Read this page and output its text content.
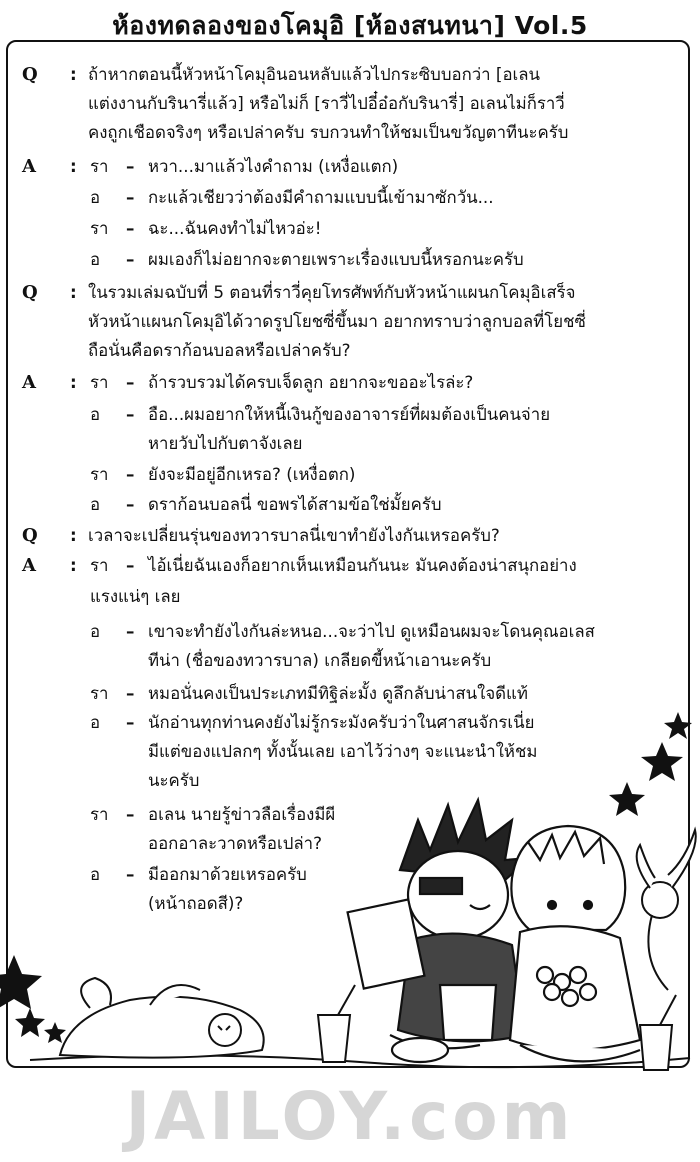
ห้องทดลองของโคมุอิ [ห้องสนทนา] Vol.5
Q : ถ้าหากตอนนี้หัวหน้าโคมุอินอนหลับแล้วไปกระซิบบอกว่า [อเลน
แต่งงานกับรินารี่แล้ว] หรือไม่ก็ [ราวี่ไปอี๋อ๋อกับรินารี่] อเลนไม่ก็ราวี่
คงถูกเชือดจริงๆ หรือเปล่าครับ รบกวนทำให้ชมเป็นขวัญตาทีนะครับ
A	: รา	– หวา...มาแล้วไงคำถาม (เหงื่อแตก)
อ	– กะแล้วเชียวว่าต้องมีคำถามแบบนี้เข้ามาซักวัน...
รา	– ฉะ...ฉันคงทำไม่ไหวอ่ะ!
อ	– ผมเองก็ไม่อยากจะตายเพราะเรื่องแบบนี้หรอกนะครับ
Q : ในรวมเล่มฉบับที่ 5 ตอนที่ราวี่คุยโทรศัพท์กับหัวหน้าแผนกโคมุอิเสร็จ
หัวหน้าแผนกโคมุอิได้วาดรูปโยชซี่ขึ้นมา อยากทราบว่าลูกบอลที่โยชซี่
ถือนั่นคือดราก้อนบอลหรือเปล่าครับ?
A	: รา	– ถ้ารวบรวมได้ครบเจ็ดลูก อยากจะขออะไรล่ะ?
อ	– อือ...ผมอยากให้หนี้เงินกู้ของอาจารย์ที่ผมต้องเป็นคนจ่าย
หายวับไปกับตาจังเลย
รา	– ยังจะมีอยู่อีกเหรอ? (เหงื่อตก)
อ	– ดราก้อนบอลนี่ ขอพรได้สามข้อใช่มั้ยครับ
Q : เวลาจะเปลี่ยนรุ่นของทวารบาลนี่เขาทำยังไงกันเหรอครับ?
A	: รา	– ไอ้เนี่ยฉันเองก็อยากเห็นเหมือนกันนะ มันคงต้องน่าสนุกอย่าง
แรงแน่ๆ เลย
อ	– เขาจะทำยังไงกันล่ะหนอ...จะว่าไป ดูเหมือนผมจะโดนคุณอเลส
ทีน่า (ชื่อของทวารบาล) เกลียดขี้หน้าเอานะครับ
รา	– หมอนั่นคงเป็นประเภทมีทิฐิล่ะมั้ง ดูลึกลับน่าสนใจดีแท้
อ	– นักอ่านทุกท่านคงยังไม่รู้กระมังครับว่าในศาสนจักรเนี่ย
มีแต่ของแปลกๆ ทั้งนั้นเลย เอาไว้ว่างๆ จะแนะนำให้ชม
นะครับ
รา	– อเลน นายรู้ข่าวลือเรื่องมีผี
ออกอาละวาดหรือเปล่า?
อ	– มีออกมาด้วยเหรอครับ
(หน้าถอดสี)?
JAILOY.com
